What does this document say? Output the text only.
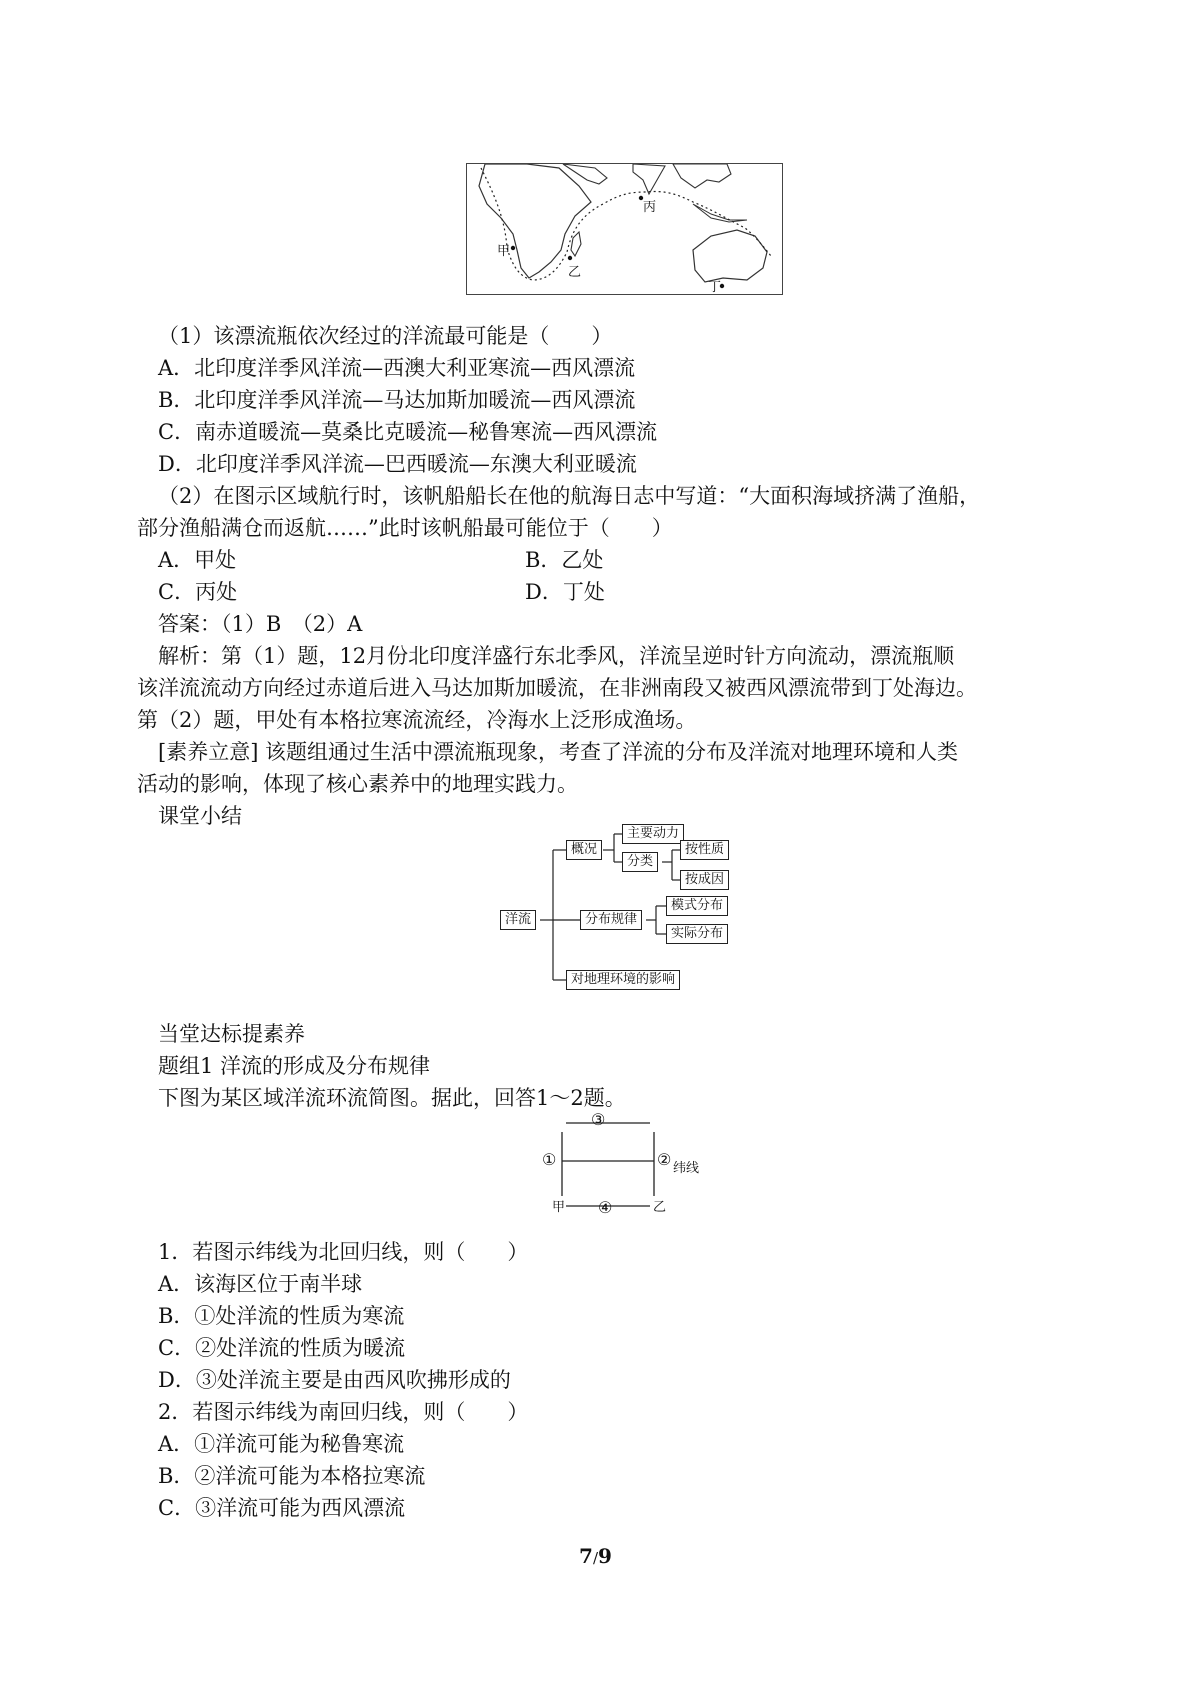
甲
乙
丙
丁
（1）该漂流瓶依次经过的洋流最可能是（　　）
A．北印度洋季风洋流—西澳大利亚寒流—西风漂流
B．北印度洋季风洋流—马达加斯加暖流—西风漂流
C．南赤道暖流—莫桑比克暖流—秘鲁寒流—西风漂流
D．北印度洋季风洋流—巴西暖流—东澳大利亚暖流
（2）在图示区域航行时，该帆船船长在他的航海日志中写道：“大面积海域挤满了渔船，
部分渔船满仓而返航……”此时该帆船最可能位于（　　）
A．甲处	B．乙处
C．丙处	D．丁处
答案：（1）B　（2）A
解析：第（1）题，12月份北印度洋盛行东北季风，洋流呈逆时针方向流动，漂流瓶顺
该洋流流动方向经过赤道后进入马达加斯加暖流，在非洲南段又被西风漂流带到丁处海边。
第（2）题，甲处有本格拉寒流流经，冷海水上泛形成渔场。
[素养立意] 该题组通过生活中漂流瓶现象，考查了洋流的分布及洋流对地理环境和人类
活动的影响，体现了核心素养中的地理实践力。
课堂小结
洋流
概况
主要动力
分类
按性质
按成因
分布规律
模式分布
实际分布
对地理环境的影响
当堂达标提素养
题组1 洋流的形成及分布规律
下图为某区域洋流环流简图。据此，回答1～2题。
③
①	② 纬线
甲 ④	乙
1．若图示纬线为北回归线，则（　　）
A．该海区位于南半球
B．①处洋流的性质为寒流
C．②处洋流的性质为暖流
D．③处洋流主要是由西风吹拂形成的
2．若图示纬线为南回归线，则（　　）
A．①洋流可能为秘鲁寒流
B．②洋流可能为本格拉寒流
C．③洋流可能为西风漂流
7/9
